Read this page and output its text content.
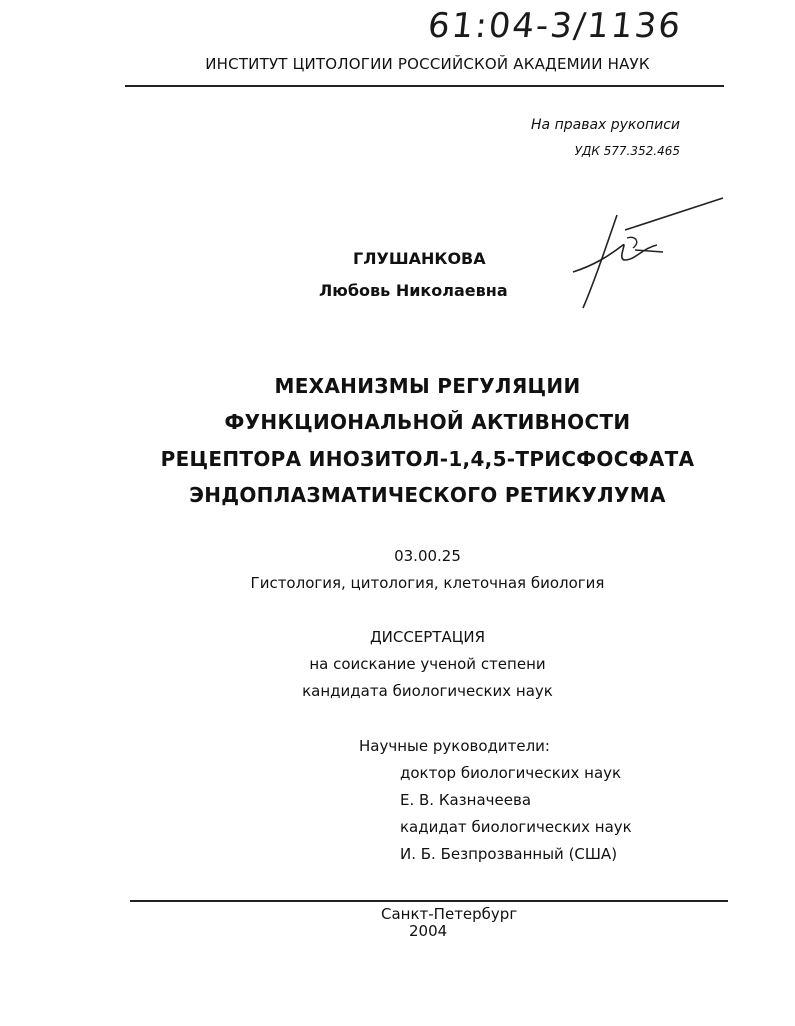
61:04-3/1136
ИНСТИТУТ ЦИТОЛОГИИ РОССИЙСКОЙ АКАДЕМИИ НАУК
На правах рукописи
УДК 577.352.465
ГЛУШАНКОВА
Любовь Николаевна
МЕХАНИЗМЫ РЕГУЛЯЦИИ
ФУНКЦИОНАЛЬНОЙ АКТИВНОСТИ
РЕЦЕПТОРА ИНОЗИТОЛ-1,4,5-ТРИСФОСФАТА
ЭНДОПЛАЗМАТИЧЕСКОГО РЕТИКУЛУМА
03.00.25
Гистология, цитология, клеточная биология
ДИССЕРТАЦИЯ
на соискание ученой степени
кандидата биологических наук
Научные руководители:
доктор биологических наук
Е. В. Казначеева
кадидат биологических наук
И. Б. Безпрозванный (США)
Санкт-Петербург
2004
